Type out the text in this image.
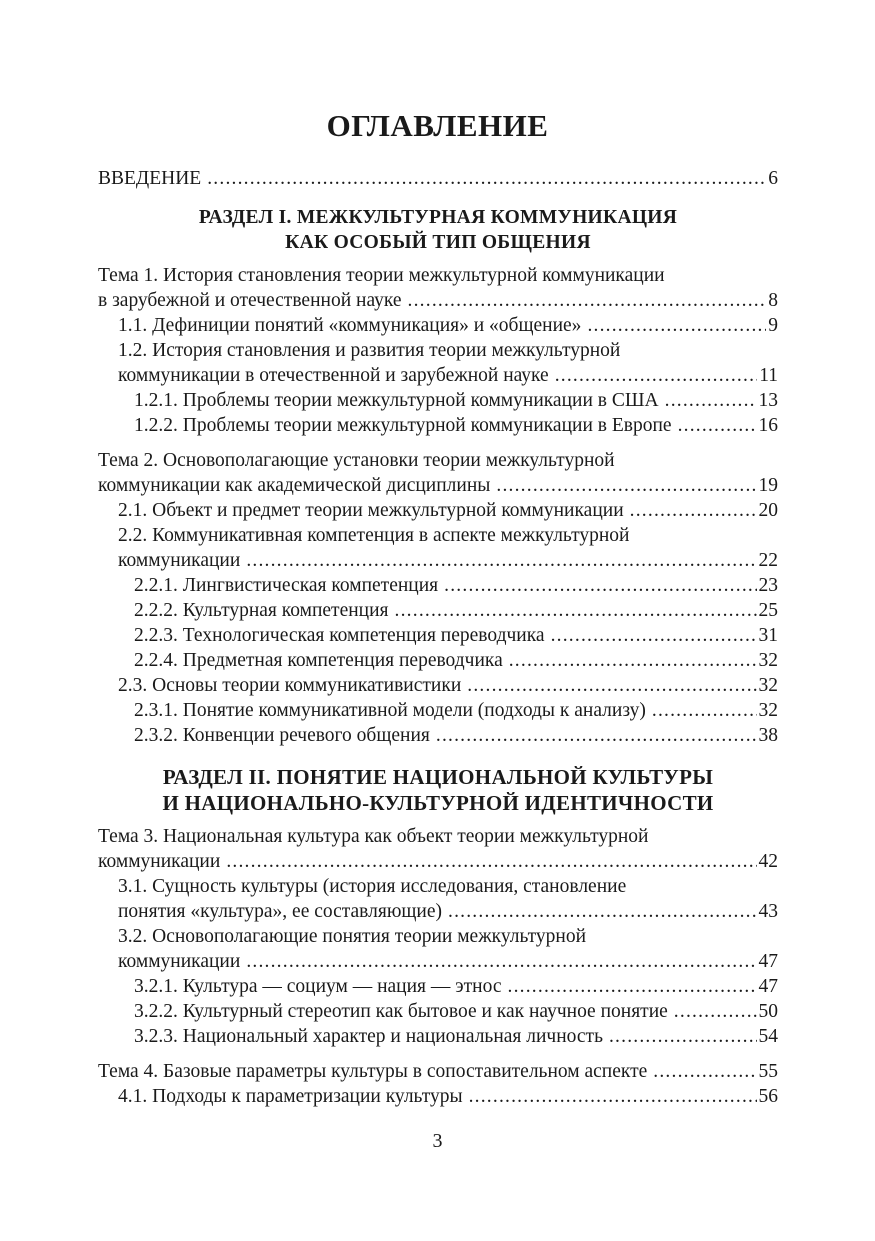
ОГЛАВЛЕНИЕ
ВВЕДЕНИЕ .....	6
РАЗДЕЛ I. МЕЖКУЛЬТУРНАЯ КОММУНИКАЦИЯ
КАК ОСОБЫЙ ТИП ОБЩЕНИЯ
Тема 1. История становления теории межкультурной коммуникации
в зарубежной и отечественной науке .....	8
1.1. Дефиниции понятий «коммуникация» и «общение» .....	9
1.2. История становления и развития теории межкультурной
коммуникации в отечественной и зарубежной науке .....	11
1.2.1. Проблемы теории межкультурной коммуникации в США .....	13
1.2.2. Проблемы теории межкультурной коммуникации в Европе .....	16
Тема 2. Основополагающие установки теории межкультурной
коммуникации как академической дисциплины .....	19
2.1. Объект и предмет теории межкультурной коммуникации .....	20
2.2. Коммуникативная компетенция в аспекте межкультурной
коммуникации .....	22
2.2.1. Лингвистическая компетенция .....	23
2.2.2. Культурная компетенция .....	25
2.2.3. Технологическая компетенция переводчика .....	31
2.2.4. Предметная компетенция переводчика .....	32
2.3. Основы теории коммуникативистики .....	32
2.3.1. Понятие коммуникативной модели (подходы к анализу) .....	32
2.3.2. Конвенции речевого общения .....	38
РАЗДЕЛ II. ПОНЯТИЕ НАЦИОНАЛЬНОЙ КУЛЬТУРЫ
И НАЦИОНАЛЬНО-КУЛЬТУРНОЙ ИДЕНТИЧНОСТИ
Тема 3. Национальная культура как объект теории межкультурной
коммуникации .....	42
3.1. Сущность культуры (история исследования, становление
понятия «культура», ее составляющие) .....	43
3.2. Основополагающие понятия теории межкультурной
коммуникации .....	47
3.2.1. Культура — социум — нация — этнос .....	47
3.2.2. Культурный стереотип как бытовое и как научное понятие .....	50
3.2.3. Национальный характер и национальная личность .....	54
Тема 4. Базовые параметры культуры в сопоставительном аспекте .....	55
4.1. Подходы к параметризации культуры .....	56
3
